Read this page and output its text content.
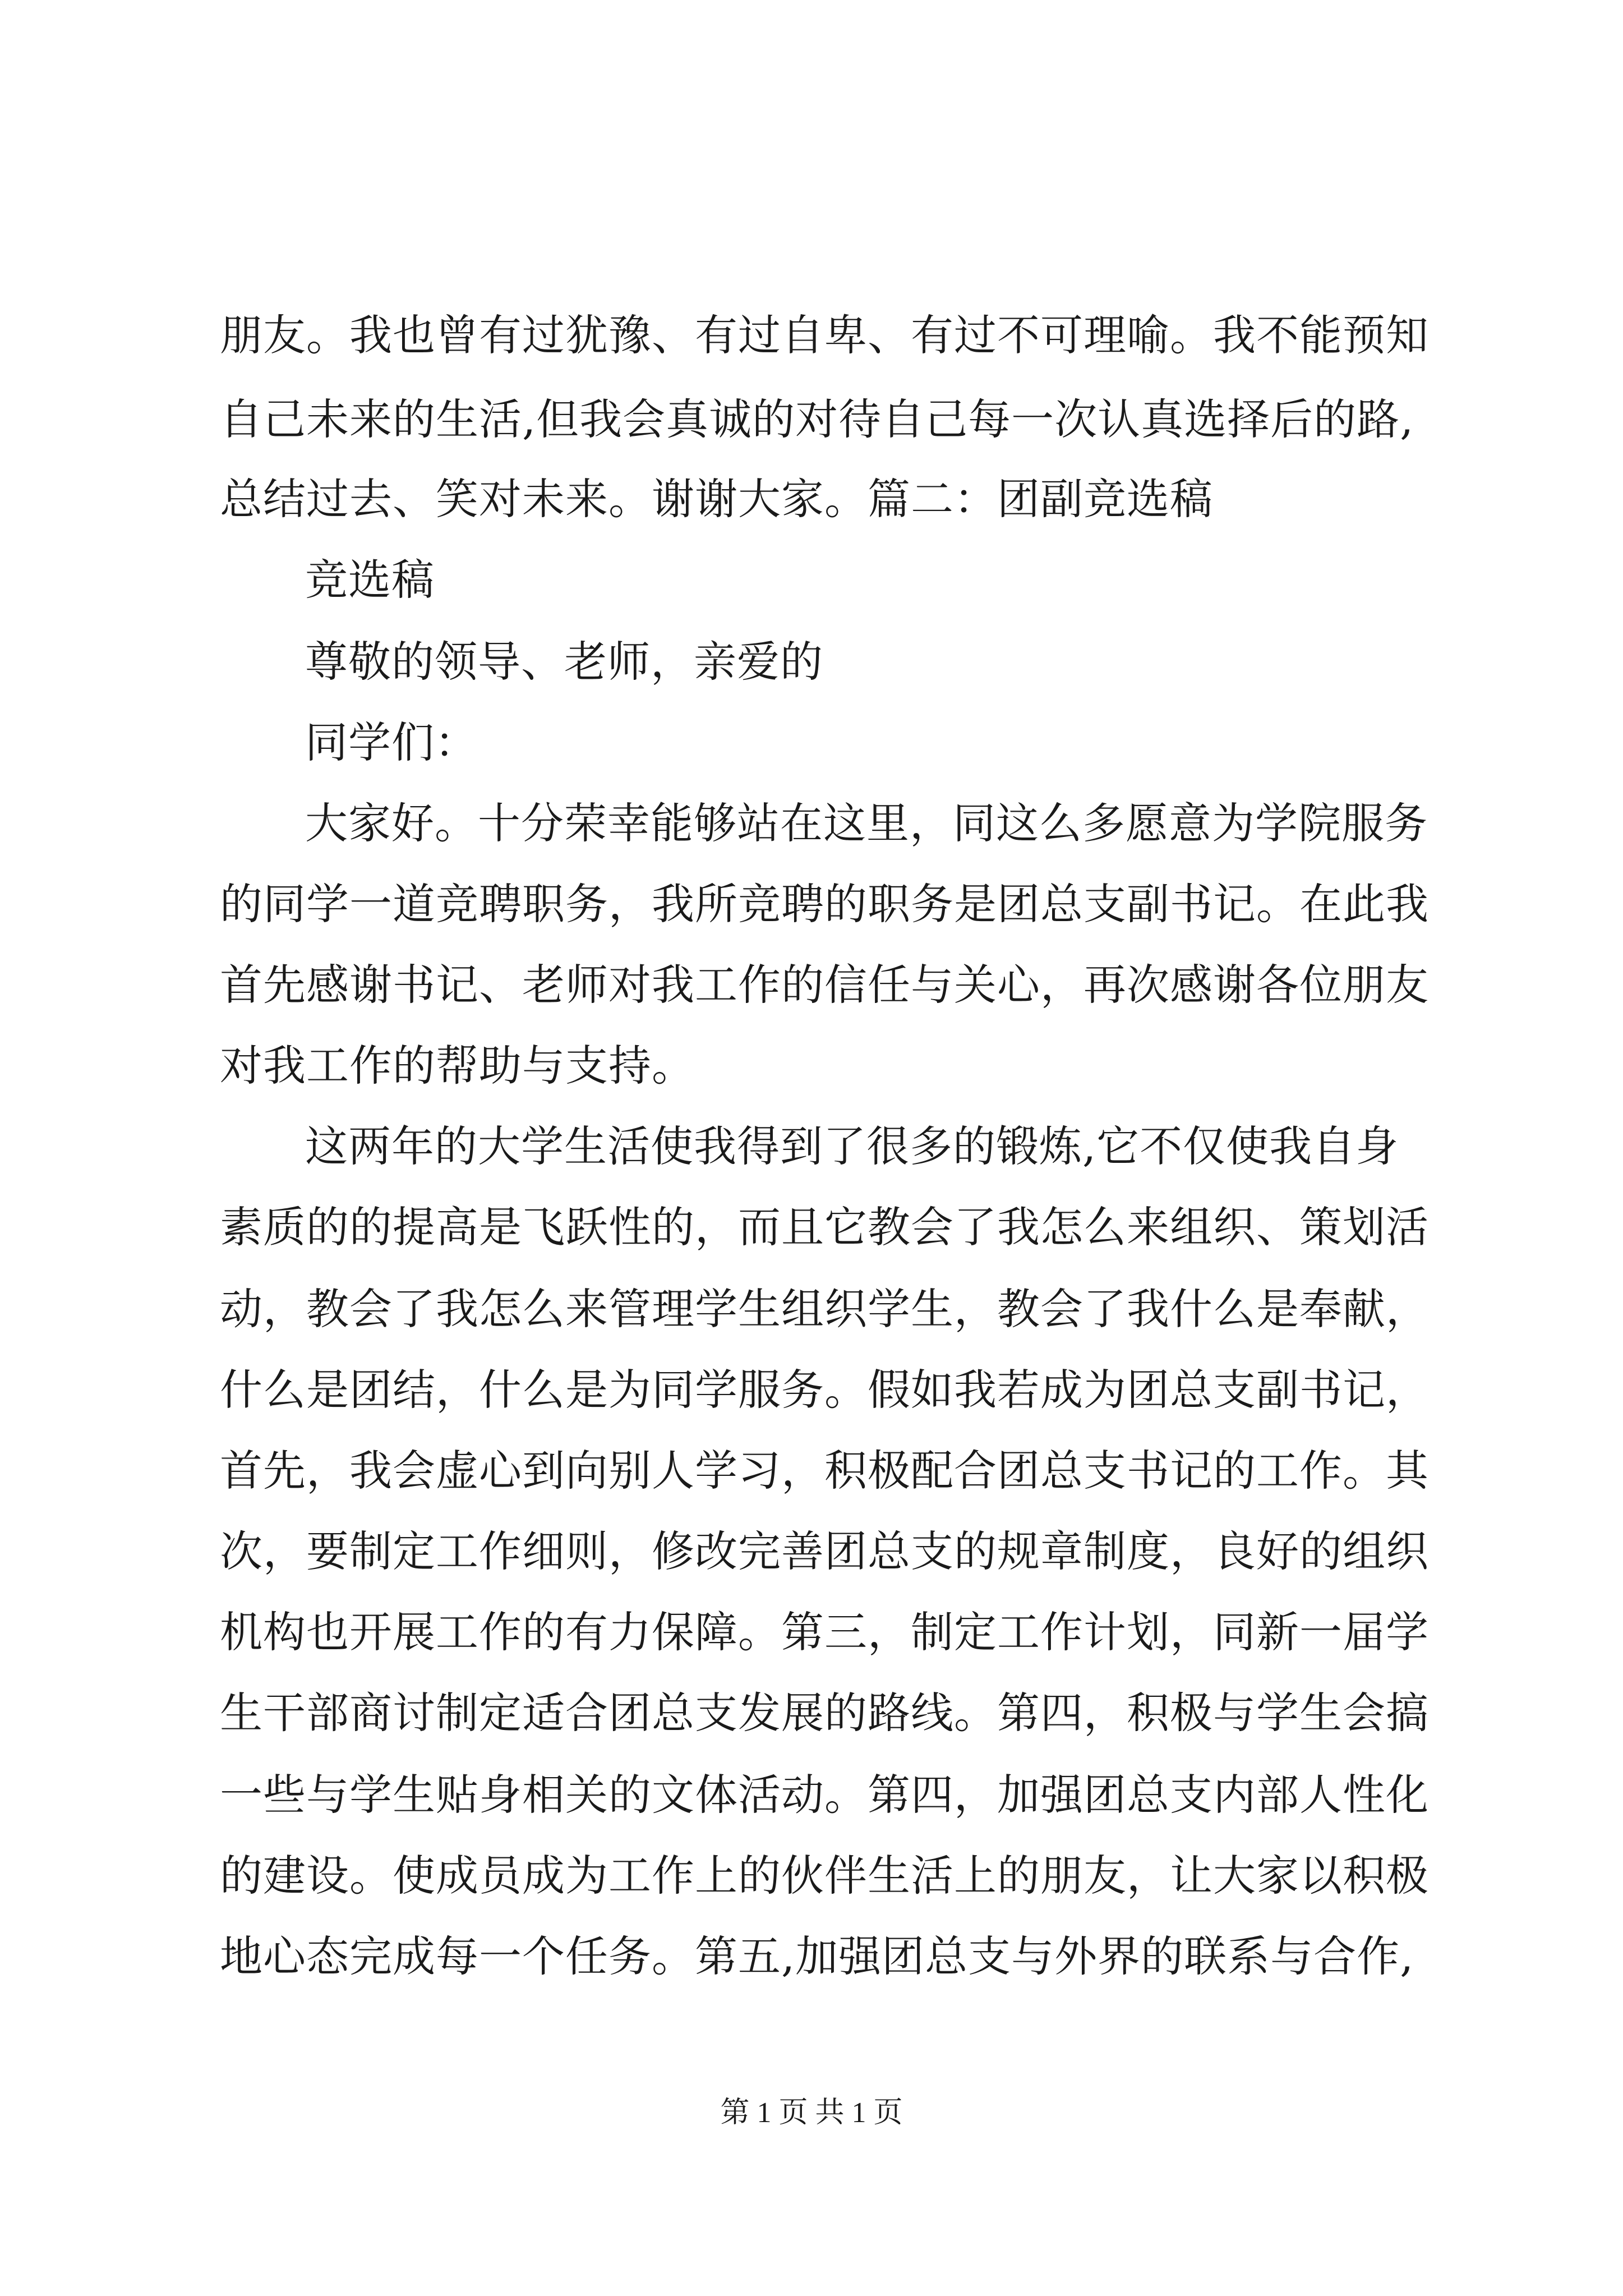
朋友。我也曾有过犹豫、有过自卑、有过不可理喻。我不能预知
自己未来的生活,但我会真诚的对待自己每一次认真选择后的路,
总结过去、笑对未来。谢谢大家。篇二：团副竞选稿
竞选稿
尊敬的领导、老师，亲爱的
同学们：
大家好。十分荣幸能够站在这里，同这么多愿意为学院服务
的同学一道竞聘职务，我所竞聘的职务是团总支副书记。在此我
首先感谢书记、老师对我工作的信任与关心，再次感谢各位朋友
对我工作的帮助与支持。
这两年的大学生活使我得到了很多的锻炼,它不仅使我自身
素质的的提高是飞跃性的，而且它教会了我怎么来组织、策划活
动，教会了我怎么来管理学生组织学生，教会了我什么是奉献，
什么是团结，什么是为同学服务。假如我若成为团总支副书记，
首先，我会虚心到向别人学习，积极配合团总支书记的工作。其
次，要制定工作细则，修改完善团总支的规章制度，良好的组织
机构也开展工作的有力保障。第三，制定工作计划，同新一届学
生干部商讨制定适合团总支发展的路线。第四，积极与学生会搞
一些与学生贴身相关的文体活动。第四，加强团总支内部人性化
的建设。使成员成为工作上的伙伴生活上的朋友，让大家以积极
地心态完成每一个任务。第五,加强团总支与外界的联系与合作,
第 1 页 共 1 页
